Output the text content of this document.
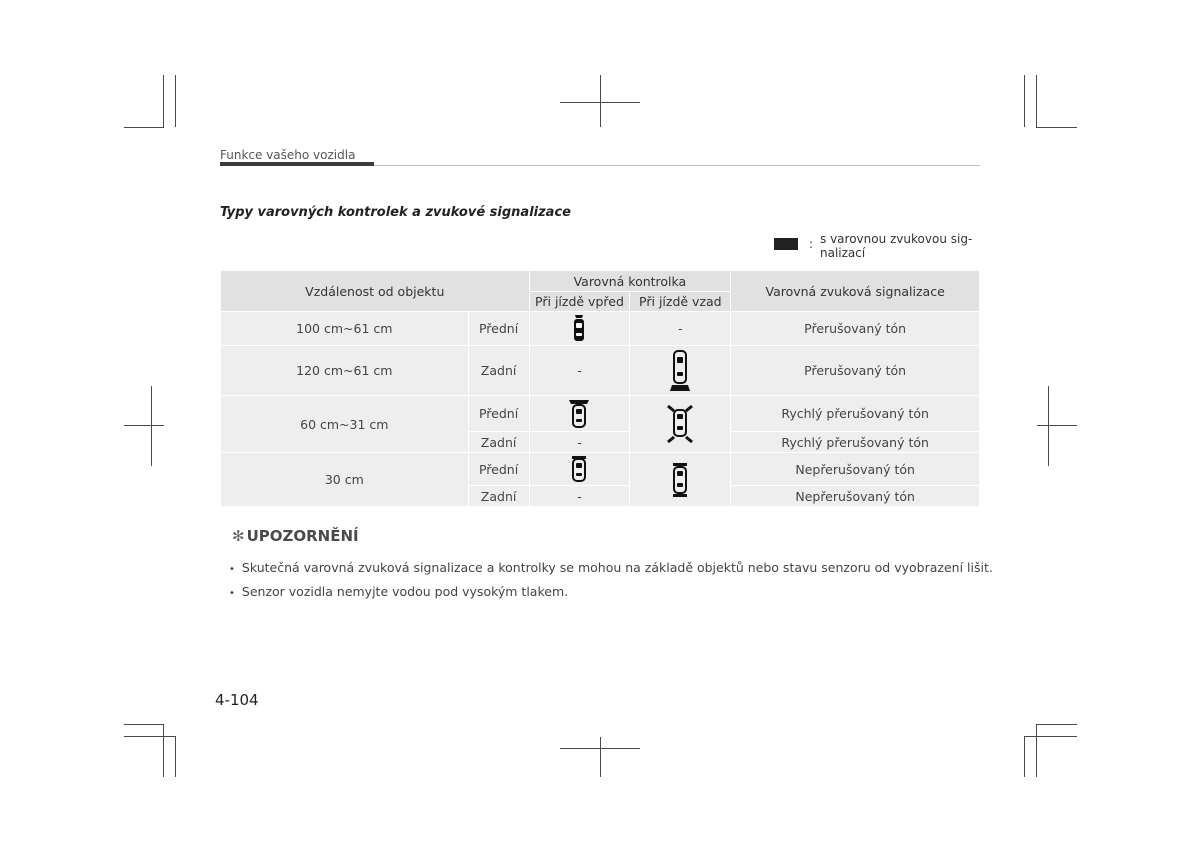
Funkce vašeho vozidla
Typy varovných kontrolek a zvukové signalizace
: s varovnou zvukovou sig-
nalizací
Vzdálenost od objektu		Varovná kontrolka		Varovná zvuková signalizace
		Při jízdě vpřed	Při jízdě vzad	
100 cm~61 cm	Přední		-	Přerušovaný tón
120 cm~61 cm	Zadní	-		Přerušovaný tón
60 cm~31 cm	Přední			Rychlý přerušovaný tón
	Zadní	-		Rychlý přerušovaný tón
30 cm	Přední			Nepřerušovaný tón
	Zadní	-		Nepřerušovaný tón
✻ UPOZORNĚNÍ
• Skutečná varovná zvuková signalizace a kontrolky se mohou na základě objektů nebo stavu senzoru od vyobrazení lišit.
• Senzor vozidla nemyjte vodou pod vysokým tlakem.
4-104
